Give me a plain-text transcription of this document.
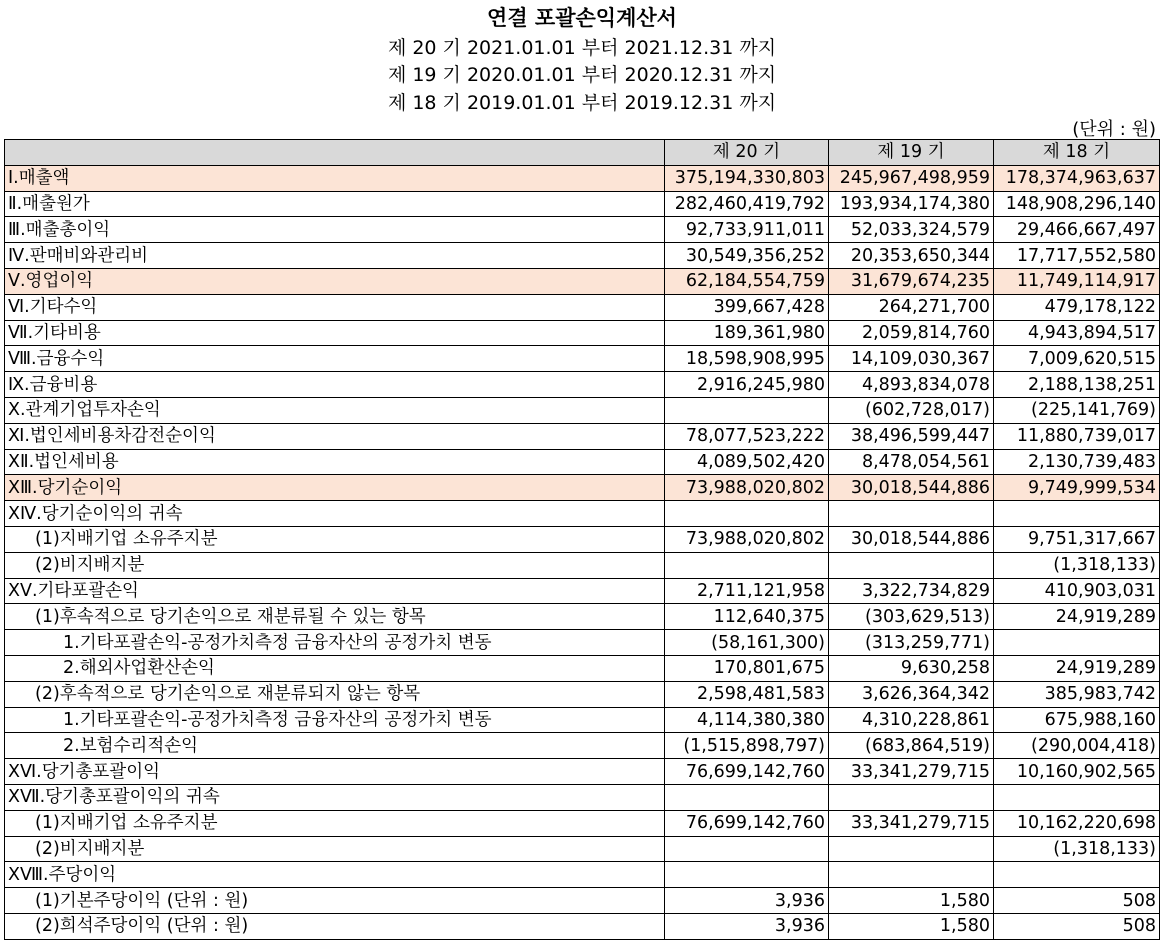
연결 포괄손익계산서
제 20 기 2021.01.01 부터 2021.12.31 까지
제 19 기 2020.01.01 부터 2020.12.31 까지
제 18 기 2019.01.01 부터 2019.12.31 까지
(단위 : 원)
	제 20 기	제 19 기	제 18 기
Ⅰ.매출액	375,194,330,803	245,967,498,959	178,374,963,637
Ⅱ.매출원가	282,460,419,792	193,934,174,380	148,908,296,140
Ⅲ.매출총이익	92,733,911,011	52,033,324,579	29,466,667,497
Ⅳ.판매비와관리비	30,549,356,252	20,353,650,344	17,717,552,580
Ⅴ.영업이익	62,184,554,759	31,679,674,235	11,749,114,917
Ⅵ.기타수익	399,667,428	264,271,700	479,178,122
Ⅶ.기타비용	189,361,980	2,059,814,760	4,943,894,517
Ⅷ.금융수익	18,598,908,995	14,109,030,367	7,009,620,515
Ⅸ.금융비용	2,916,245,980	4,893,834,078	2,188,138,251
Ⅹ.관계기업투자손익		(602,728,017)	(225,141,769)
Ⅺ.법인세비용차감전순이익	78,077,523,222	38,496,599,447	11,880,739,017
ⅩⅡ.법인세비용	4,089,502,420	8,478,054,561	2,130,739,483
ⅩⅢ.당기순이익	73,988,020,802	30,018,544,886	9,749,999,534
ⅩⅣ.당기순이익의 귀속			
(1)지배기업 소유주지분	73,988,020,802	30,018,544,886	9,751,317,667
(2)비지배지분			(1,318,133)
ⅩⅤ.기타포괄손익	2,711,121,958	3,322,734,829	410,903,031
(1)후속적으로 당기손익으로 재분류될 수 있는 항목	112,640,375	(303,629,513)	24,919,289
1.기타포괄손익-공정가치측정 금융자산의 공정가치 변동	(58,161,300)	(313,259,771)	
2.해외사업환산손익	170,801,675	9,630,258	24,919,289
(2)후속적으로 당기손익으로 재분류되지 않는 항목	2,598,481,583	3,626,364,342	385,983,742
1.기타포괄손익-공정가치측정 금융자산의 공정가치 변동	4,114,380,380	4,310,228,861	675,988,160
2.보험수리적손익	(1,515,898,797)	(683,864,519)	(290,004,418)
ⅩⅥ.당기총포괄이익	76,699,142,760	33,341,279,715	10,160,902,565
ⅩⅦ.당기총포괄이익의 귀속			
(1)지배기업 소유주지분	76,699,142,760	33,341,279,715	10,162,220,698
(2)비지배지분			(1,318,133)
ⅩⅧ.주당이익			
(1)기본주당이익 (단위 : 원)	3,936	1,580	508
(2)희석주당이익 (단위 : 원)	3,936	1,580	508
